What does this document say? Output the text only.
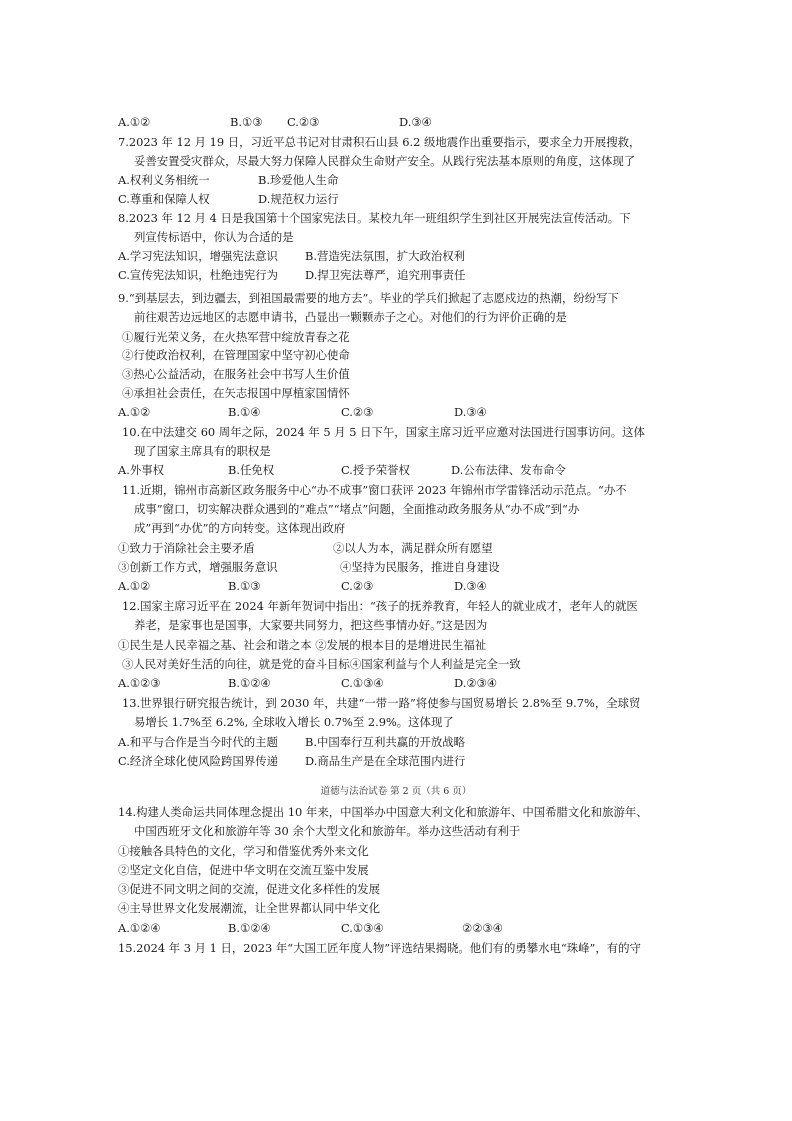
A.①②	B.①③ C.②③	D.③④
7.2023 年 12 月 19 日，习近平总书记对甘肃积石山县 6.2 级地震作出重要指示，要求全力开展搜救，
妥善安置受灾群众，尽最大努力保障人民群众生命财产安全。从践行宪法基本原则的角度，这体现了
A.权利义务相统一	B.珍爱他人生命
C.尊重和保障人权	D.规范权力运行
8.2023 年 12 月 4 日是我国第十个国家宪法日。某校九年一班组织学生到社区开展宪法宣传活动。下
列宣传标语中，你认为合适的是
A.学习宪法知识，增强宪法意识 B.营造宪法氛围，扩大政治权利
C.宣传宪法知识，杜绝违宪行为 D.捍卫宪法尊严，追究刑事责任
9.“到基层去，到边疆去，到祖国最需要的地方去”。毕业的学兵们掀起了志愿戍边的热潮，纷纷写下
前往艰苦边远地区的志愿申请书，凸显出一颗颗赤子之心。对他们的行为评价正确的是
①履行光荣义务，在火热军营中绽放青春之花
②行使政治权利，在管理国家中坚守初心使命
③热心公益活动，在服务社会中书写人生价值
④承担社会责任，在矢志报国中厚植家国情怀
A.①②	B.①④	C.②③	D.③④
10.在中法建交 60 周年之际，2024 年 5 月 5 日下午，国家主席习近平应邀对法国进行国事访问。这体
现了国家主席具有的职权是
A.外事权	B.任免权	C.授予荣誉权	D.公布法律、发布命令
11.近期，锦州市高新区政务服务中心“办不成事”窗口获评 2023 年锦州市学雷锋活动示范点。“办不
成事”窗口，切实解决群众遇到的“难点”“堵点”问题，全面推动政务服务从“办不成”到“办
成”再到“办优”的方向转变。这体现出政府
①致力于消除社会主要矛盾	②以人为本，满足群众所有愿望
③创新工作方式，增强服务意识	④坚持为民服务，推进自身建设
A.①②	B.①③	C.②③	D.③④
12.国家主席习近平在 2024 年新年贺词中指出：“孩子的抚养教育，年轻人的就业成才，老年人的就医
养老，是家事也是国事，大家要共同努力，把这些事情办好。”这是因为
①民生是人民幸福之基、社会和谐之本 ②发展的根本目的是增进民生福祉
③人民对美好生活的向往，就是党的奋斗目标④国家利益与个人利益是完全一致
A.①②③	B.①②④	C.①③④	D.②③④
13.世界银行研究报告统计，到 2030 年，共建“一带一路”将使参与国贸易增长 2.8%至 9.7%，全球贸
易增长 1.7%至 6.2%, 全球收入增长 0.7%至 2.9%。这体现了
A.和平与合作是当今时代的主题 B.中国奉行互利共赢的开放战略
C.经济全球化使风险跨国界传递 D.商品生产是在全球范围内进行
道德与法治试卷 第 2 页（共 6 页）
14.构建人类命运共同体理念提出 10 年来，中国举办中国意大利文化和旅游年、中国希腊文化和旅游年、
中国西班牙文化和旅游年等 30 余个大型文化和旅游年。举办这些活动有利于
①接触各具特色的文化，学习和借鉴优秀外来文化
②坚定文化自信，促进中华文明在交流互鉴中发展
③促进不同文明之间的交流，促进文化多样性的发展
④主导世界文化发展潮流，让全世界都认同中华文化
A.①②④	B.①②④	C.①③④	②②③④
15.2024 年 3 月 1 日，2023 年“大国工匠年度人物”评选结果揭晓。他们有的勇攀水电“珠峰”，有的守
